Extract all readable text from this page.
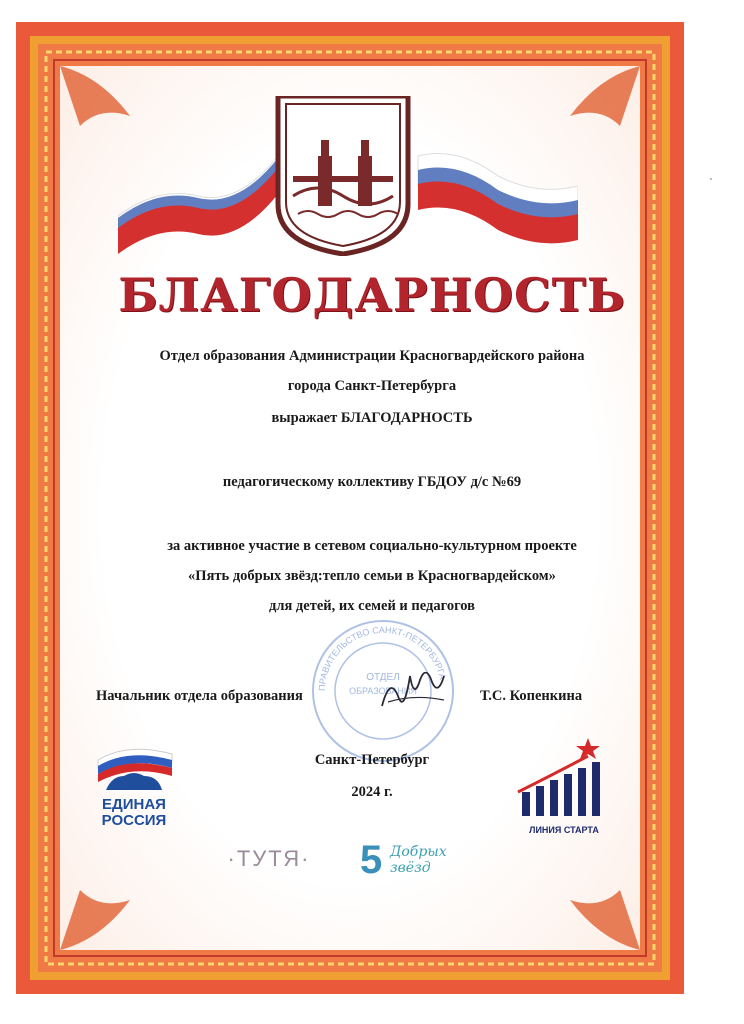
БЛАГОДАРНОСТЬ
Отдел образования Администрации Красногвардейского района
города Санкт-Петербурга
выражает БЛАГОДАРНОСТЬ
педагогическому коллективу ГБДОУ д/с №69
за активное участие в сетевом социально-культурном проекте
«Пять добрых звёзд:тепло семьи в Красногвардейском»
для детей, их семей и педагогов
ПРАВИТЕЛЬСТВО САНКТ-ПЕТЕРБУРГА
ОТДЕЛ
ОБРАЗОВАНИЯ
Начальник отдела образования	Т.С. Копенкина
Санкт-Петербург
2024 г.
ЕДИНАЯ
РОССИЯ
ЛИНИЯ СТАРТА
·ТУТЯ· 5 Добрых
звёзд
